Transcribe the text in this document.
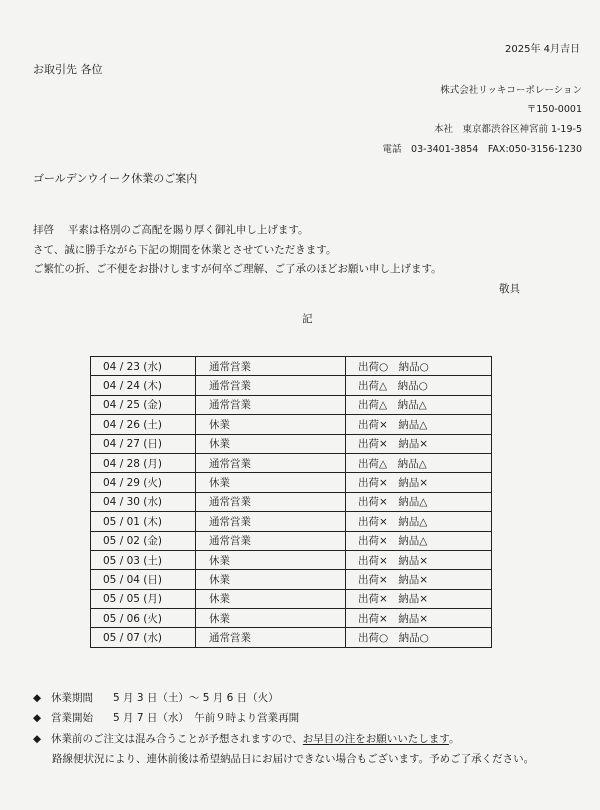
2025年 4月吉日
お取引先 各位
株式会社リッキコーポレーション
〒150-0001
本社　東京都渋谷区神宮前 1-19-5
電話　03-3401-3854　FAX:050-3156-1230
ゴールデンウイーク休業のご案内
拝啓　 平素は格別のご高配を賜り厚く御礼申し上げます。
さて、誠に勝手ながら下記の期間を休業とさせていただきます。
ご繁忙の折、ご不便をお掛けしますが何卒ご理解、ご了承のほどお願い申し上げます。
敬具
記
04 / 23 (水)	通常営業	出荷○　納品○
04 / 24 (木)	通常営業	出荷△　納品○
04 / 25 (金)	通常営業	出荷△　納品△
04 / 26 (土)	休業	出荷×　納品△
04 / 27 (日)	休業	出荷×　納品×
04 / 28 (月)	通常営業	出荷△　納品△
04 / 29 (火)	休業	出荷×　納品×
04 / 30 (水)	通常営業	出荷×　納品△
05 / 01 (木)	通常営業	出荷×　納品△
05 / 02 (金)	通常営業	出荷×　納品△
05 / 03 (土)	休業	出荷×　納品×
05 / 04 (日)	休業	出荷×　納品×
05 / 05 (月)	休業	出荷×　納品×
05 / 06 (火)	休業	出荷×　納品×
05 / 07 (水)	通常営業	出荷○　納品○
◆ 休業期間 5 月 3 日（土）～ 5 月 6 日（火）
◆ 営業開始 5 月 7 日（水）　午前９時より営業再開
◆ 休業前のご注文は混み合うことが予想されますので、お早目の注をお願いいたします。
路線便状況により、連休前後は希望納品日にお届けできない場合もございます。予めご了承ください。
